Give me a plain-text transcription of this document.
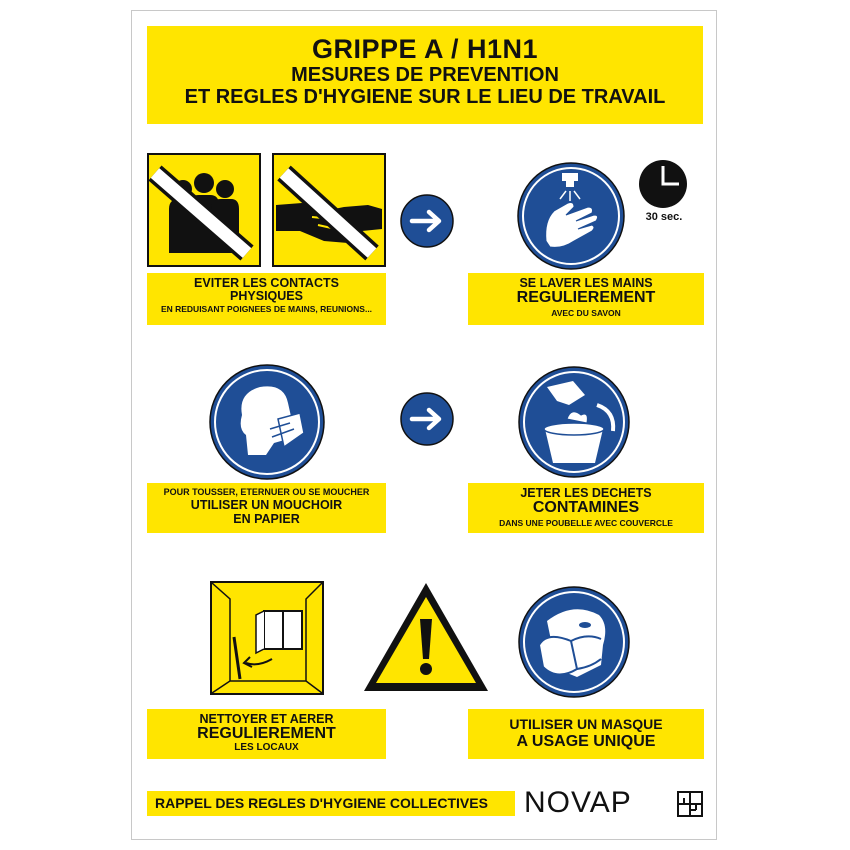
GRIPPE A / H1N1
MESURES DE PREVENTION
ET REGLES D'HYGIENE SUR LE LIEU DE TRAVAIL
30 sec.
EVITER LES CONTACTS
PHYSIQUES
EN REDUISANT POIGNEES DE MAINS, REUNIONS...
SE LAVER LES MAINS
REGULIEREMENT
AVEC DU SAVON
POUR TOUSSER, ETERNUER OU SE MOUCHER
UTILISER UN MOUCHOIR
EN PAPIER
JETER LES DECHETS
CONTAMINES
DANS UNE POUBELLE AVEC COUVERCLE
NETTOYER ET AERER
REGULIEREMENT
LES LOCAUX
UTILISER UN MASQUE
A USAGE UNIQUE
RAPPEL DES REGLES D'HYGIENE COLLECTIVES	NOVAP
